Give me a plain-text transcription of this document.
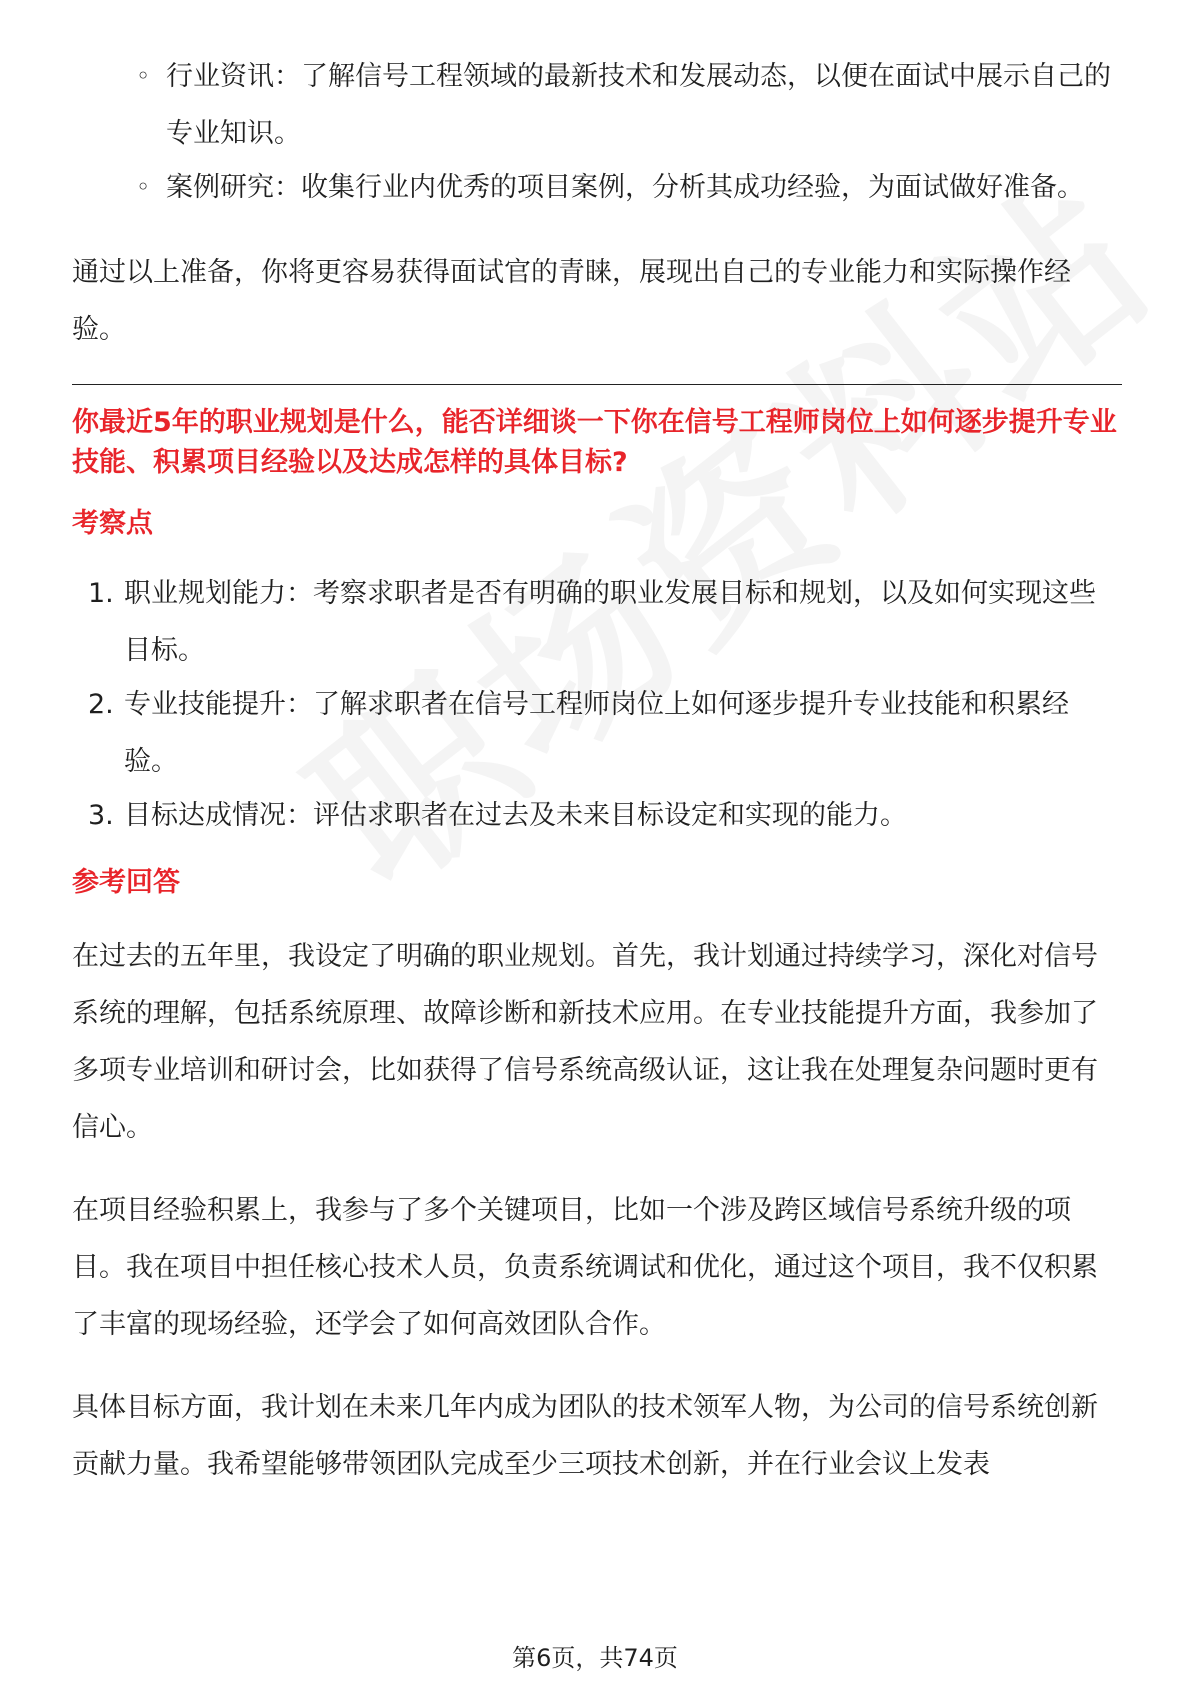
◦ 行业资讯：了解信号工程领域的最新技术和发展动态，以便在面试中展示自己的专业知识。
◦ 案例研究：收集行业内优秀的项目案例，分析其成功经验，为面试做好准备。

通过以上准备，你将更容易获得面试官的青睐，展现出自己的专业能力和实际操作经验。

你最近5年的职业规划是什么，能否详细谈一下你在信号工程师岗位上如何逐步提升专业技能、积累项目经验以及达成怎样的具体目标?

考察点

1. 职业规划能力：考察求职者是否有明确的职业发展目标和规划，以及如何实现这些目标。
2. 专业技能提升：了解求职者在信号工程师岗位上如何逐步提升专业技能和积累经验。
3. 目标达成情况：评估求职者在过去及未来目标设定和实现的能力。

参考回答

在过去的五年里，我设定了明确的职业规划。首先，我计划通过持续学习，深化对信号系统的理解，包括系统原理、故障诊断和新技术应用。在专业技能提升方面，我参加了多项专业培训和研讨会，比如获得了信号系统高级认证，这让我在处理复杂问题时更有信心。

在项目经验积累上，我参与了多个关键项目，比如一个涉及跨区域信号系统升级的项目。我在项目中担任核心技术人员，负责系统调试和优化，通过这个项目，我不仅积累了丰富的现场经验，还学会了如何高效团队合作。

具体目标方面，我计划在未来几年内成为团队的技术领军人物，为公司的信号系统创新贡献力量。我希望能够带领团队完成至少三项技术创新，并在行业会议上发表

第6页，共74页
